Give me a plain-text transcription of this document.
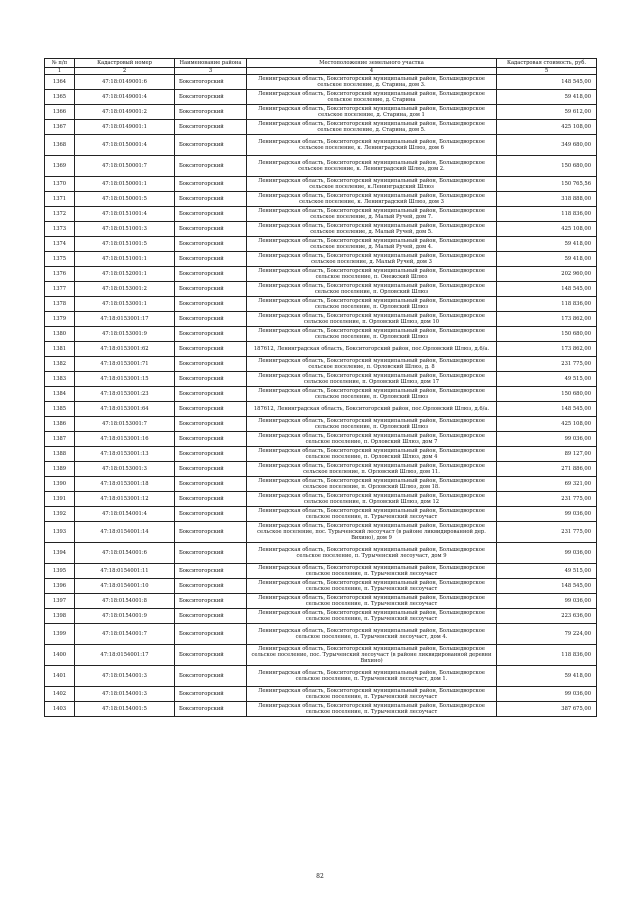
№ п/п	Кадастровый номер	Наименование района	Местоположение земельного участка	Кадастровая стоимость, руб.
1	2	3	4	5
1364	47:18:0149001:6	Бокситогорский	Ленинградская область, Бокситогорский муниципальный район, Большедворское сельское поселение, д. Старина, дом 3.	148 545,00
1365	47:18:0149001:4	Бокситогорский	Ленинградская область, Бокситогорский муниципальный район, Большедворское сельское поселение, д. Старина	59 418,00
1366	47:18:0149001:2	Бокситогорский	Ленинградская область, Бокситогорский муниципальный район, Большедворское сельское поселение, д. Старина, дом 1	59 612,00
1367	47:18:0149001:1	Бокситогорский	Ленинградская область, Бокситогорский муниципальный район, Большедворское сельское поселение, д. Старина, дом 5.	425 108,00
1368	47:18:0150001:4	Бокситогорский	Ленинградская область, Бокситогорский муниципальный район, Большедворское сельское поселение, к. Ленинградский Шлюз, дом 6	349 680,00
1369	47:18:0150001:7	Бокситогорский	Ленинградская область, Бокситогорский муниципальный район, Большедворское сельское поселение, к. Ленинградский Шлюз, дом 2.	150 680,00
1370	47:18:0150001:1	Бокситогорский	Ленинградская область, Бокситогорский муниципальный район, Большедворское сельское поселение, к.Ленинградский Шлюз	150 765,56
1371	47:18:0150001:5	Бокситогорский	Ленинградская область, Бокситогорский муниципальный район, Большедворское сельское поселение, к. Ленинградский Шлюз, дом 3	318 888,00
1372	47:18:0151001:4	Бокситогорский	Ленинградская область, Бокситогорский муниципальный район, Большедворское сельское поселение, д. Малый Ручей, дом 7.	118 836,00
1373	47:18:0151001:3	Бокситогорский	Ленинградская область, Бокситогорский муниципальный район, Большедворское сельское поселение, д. Малый Ручей, дом 5.	425 108,00
1374	47:18:0151001:5	Бокситогорский	Ленинградская область, Бокситогорский муниципальный район, Большедворское сельское поселение, д. Малый Ручей, дом 4.	59 418,00
1375	47:18:0151001:1	Бокситогорский	Ленинградская область, Бокситогорский муниципальный район, Большедворское сельское поселение, д. Малый Ручей, дом 3	59 418,00
1376	47:18:0152001:1	Бокситогорский	Ленинградская область, Бокситогорский муниципальный район, Большедворское сельское поселение, п. Онежский Шлюз	202 960,00
1377	47:18:0153001:2	Бокситогорский	Ленинградская область, Бокситогорский муниципальный район, Большедворское сельское поселение, п. Орловский Шлюз	148 545,00
1378	47:18:0153001:1	Бокситогорский	Ленинградская область, Бокситогорский муниципальный район, Большедворское сельское поселение, п. Орловский Шлюз	118 836,00
1379	47:18:0153001:17	Бокситогорский	Ленинградская область, Бокситогорский муниципальный район, Большедворское сельское поселение, п. Орловский Шлюз, дом 10	173 862,00
1380	47:18:0153001:9	Бокситогорский	Ленинградская область, Бокситогорский муниципальный район, Большедворское сельское поселение, п. Орловский Шлюз	150 680,00
1381	47:18:0153001:62	Бокситогорский	187612, Ленинградская область, Бокситогорский район, пос.Орловский Шлюз, д.6/а.	173 862,00
1382	47:18:0153001:71	Бокситогорский	Ленинградская область, Бокситогорский муниципальный район, Большедворское сельское поселение, п. Орловский Шлюз, д. 8	231 775,00
1383	47:18:0153001:15	Бокситогорский	Ленинградская область, Бокситогорский муниципальный район, Большедворское сельское поселение, п. Орловский Шлюз, дом 17	49 515,00
1384	47:18:0153001:23	Бокситогорский	Ленинградская область, Бокситогорский муниципальный район, Большедворское сельское поселение, п. Орловский Шлюз	150 680,00
1385	47:18:0153001:64	Бокситогорский	187612, Ленинградская область, Бокситогорский район, пос.Орловский Шлюз, д.6/а.	148 545,00
1386	47:18:0153001:7	Бокситогорский	Ленинградская область, Бокситогорский муниципальный район, Большедворское сельское поселение, п. Орловский Шлюз	425 108,00
1387	47:18:0153001:16	Бокситогорский	Ленинградская область, Бокситогорский муниципальный район, Большедворское сельское поселение, п. Орловский Шлюз, дом 7	99 036,00
1388	47:18:0153001:13	Бокситогорский	Ленинградская область, Бокситогорский муниципальный район, Большедворское сельское поселение, п. Орловский Шлюз, дом 4	89 127,00
1389	47:18:0153001:3	Бокситогорский	Ленинградская область, Бокситогорский муниципальный район, Большедворское сельское поселение, п. Орловский Шлюз, дом 11.	271 886,00
1390	47:18:0153001:18	Бокситогорский	Ленинградская область, Бокситогорский муниципальный район, Большедворское сельское поселение, п. Орловский Шлюз, дом 18.	69 321,00
1391	47:18:0153001:12	Бокситогорский	Ленинградская область, Бокситогорский муниципальный район, Большедворское сельское поселение, п. Орловский Шлюз, дом 12	231 775,00
1392	47:18:0154001:4	Бокситогорский	Ленинградская область, Бокситогорский муниципальный район, Большедворское сельское поселение, п. Турыченский лесоучаст	99 036,00
1393	47:18:0154001:14	Бокситогорский	Ленинградская область, Бокситогорский муниципальный район, Большедворское сельское поселение, пос. Турыченский лесоучаст (в районе ликвидированной дер. Вихино), дом 9	231 775,00
1394	47:18:0154001:6	Бокситогорский	Ленинградская область, Бокситогорский муниципальный район, Большедворское сельское поселение, п. Турыченский лесоучаст, дом 9	99 036,00
1395	47:18:0154001:11	Бокситогорский	Ленинградская область, Бокситогорский муниципальный район, Большедворское сельское поселение, п. Турыченский лесоучаст	49 515,00
1396	47:18:0154001:10	Бокситогорский	Ленинградская область, Бокситогорский муниципальный район, Большедворское сельское поселение, п. Турыченский лесоучаст	148 545,00
1397	47:18:0154001:8	Бокситогорский	Ленинградская область, Бокситогорский муниципальный район, Большедворское сельское поселение, п. Турыченский лесоучаст	99 036,00
1398	47:18:0154001:9	Бокситогорский	Ленинградская область, Бокситогорский муниципальный район, Большедворское сельское поселение, п. Турыченский лесоучаст	223 636,00
1399	47:18:0154001:7	Бокситогорский	Ленинградская область, Бокситогорский муниципальный район, Большедворское сельское поселение, п. Турыченский лесоучаст, дом 4.	79 224,00
1400	47:18:0154001:17	Бокситогорский	Ленинградская область, Бокситогорский муниципальный район, Большедворское сельское поселение, пос. Турыченский лесоучаст (в районе ликвидированной деревни Вихино)	118 836,00
1401	47:18:0154001:3	Бокситогорский	Ленинградская область, Бокситогорский муниципальный район, Большедворское сельское поселение, п. Турыченский лесоучаст, дом 1.	59 418,00
1402	47:18:0154001:3	Бокситогорский	Ленинградская область, Бокситогорский муниципальный район, Большедворское сельское поселение, п. Турыченский лесоучаст	99 036,00
1403	47:18:0154001:5	Бокситогорский	Ленинградская область, Бокситогорский муниципальный район, Большедворское сельское поселение, п. Турыченский лесоучаст	387 675,00
82
